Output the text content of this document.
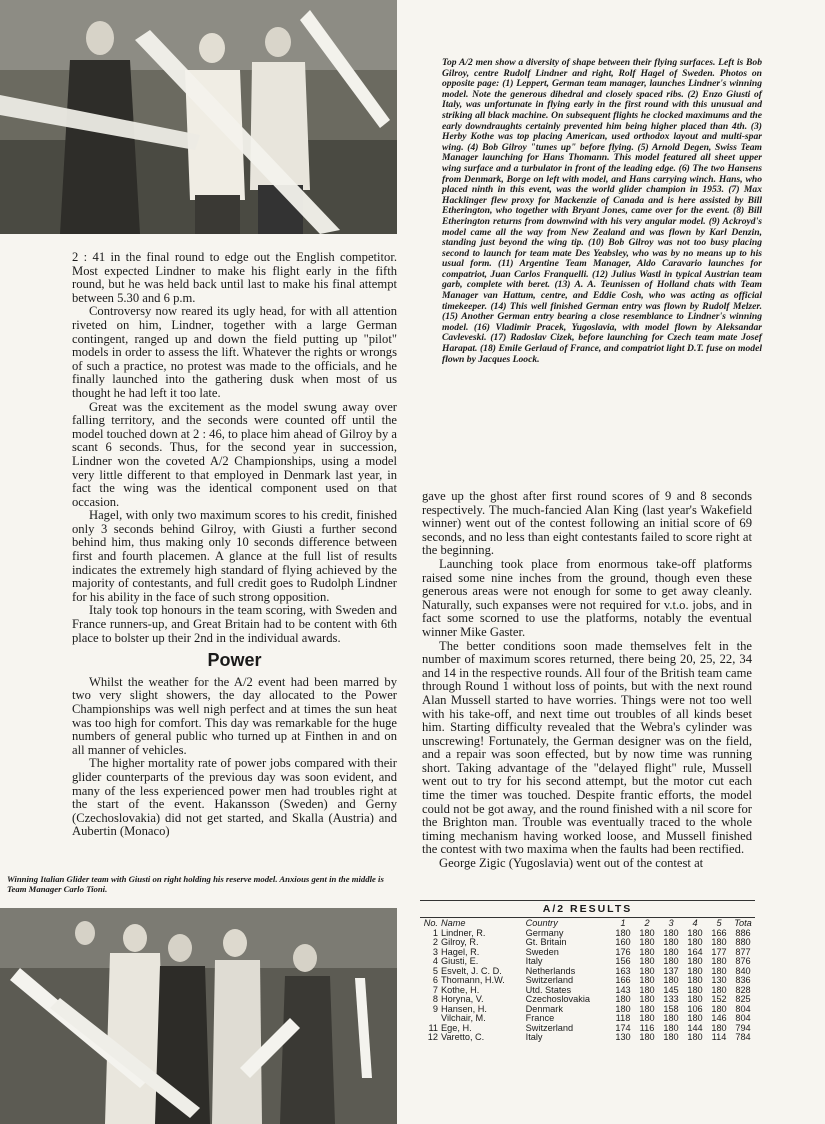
Top A/2 men show a diversity of shape between their flying surfaces. Left is Bob Gilroy, centre Rudolf Lindner and right, Rolf Hagel of Sweden. Photos on opposite page: (1) Leppert, German team manager, launches Lindner's winning model. Note the generous dihedral and closely spaced ribs. (2) Enzo Giusti of Italy, was unfortunate in flying early in the first round with this unusual and striking all black machine. On subsequent flights he clocked maximums and the early downdraughts certainly prevented him being higher placed than 4th. (3) Herby Kothe was top placing American, used orthodox layout and multi-spar wing. (4) Bob Gilroy "tunes up" before flying. (5) Arnold Degen, Swiss Team Manager launching for Hans Thomann. This model featured all sheet upper wing surface and a turbulator in front of the leading edge. (6) The two Hansens from Denmark, Borge on left with model, and Hans carrying winch. Hans, who placed ninth in this event, was the world glider champion in 1953. (7) Max Hacklinger flew proxy for Mackenzie of Canada and is here assisted by Bill Etherington, who together with Bryant Jones, came over for the event. (8) Bill Etherington returns from downwind with his very angular model. (9) Ackroyd's model came all the way from New Zealand and was flown by Karl Denzin, standing just beyond the wing tip. (10) Bob Gilroy was not too busy placing second to launch for team mate Des Yeabsley, who was by no means up to his usual form. (11) Argentine Team Manager, Aldo Caravario launches for compatriot, Juan Carlos Franquelli. (12) Julius Wastl in typical Austrian team garb, complete with beret. (13) A. A. Teunissen of Holland chats with Team Manager van Hattum, centre, and Eddie Cosh, who was acting as official timekeeper. (14) This well finished German entry was flown by Rudolf Melzer. (15) Another German entry bearing a close resemblance to Lindner's winning model. (16) Vladimir Pracek, Yugoslavia, with model flown by Aleksandar Cavleveski. (17) Radoslav Cizek, before launching for Czech team mate Josef Harapat. (18) Emile Gerlaud of France, and compatriot light D.T. fuse on model flown by Jacques Loock.

2 : 41 in the final round to edge out the English competitor. Most expected Lindner to make his flight early in the fifth round, but he was held back until last to make his final attempt between 5.30 and 6 p.m.

Controversy now reared its ugly head, for with all attention riveted on him, Lindner, together with a large German contingent, ranged up and down the field putting up "pilot" models in order to assess the lift. Whatever the rights or wrongs of such a practice, no protest was made to the officials, and he finally launched into the gathering dusk when most of us thought he had left it too late.

Great was the excitement as the model swung away over falling territory, and the seconds were counted off until the model touched down at 2 : 46, to place him ahead of Gilroy by a scant 6 seconds. Thus, for the second year in succession, Lindner won the coveted A/2 Championships, using a model very little different to that employed in Denmark last year, in fact the wing was the identical component used on that occasion.

Hagel, with only two maximum scores to his credit, finished only 3 seconds behind Gilroy, with Giusti a further second behind him, thus making only 10 seconds difference between first and fourth placemen. A glance at the full list of results indicates the extremely high standard of flying achieved by the majority of contestants, and full credit goes to Rudolph Lindner for his ability in the face of such strong opposition.

Italy took top honours in the team scoring, with Sweden and France runners-up, and Great Britain had to be content with 6th place to bolster up their 2nd in the individual awards.

Power

Whilst the weather for the A/2 event had been marred by two very slight showers, the day allocated to the Power Championships was well nigh perfect and at times the sun heat was too high for comfort. This day was remarkable for the huge numbers of general public who turned up at Finthen in and on all manner of vehicles.

The higher mortality rate of power jobs compared with their glider counterparts of the previous day was soon evident, and many of the less experienced power men had troubles right at the start of the event. Hakansson (Sweden) and Gerny (Czechoslovakia) did not get started, and Skalla (Austria) and Aubertin (Monaco)

Winning Italian Glider team with Giusti on right holding his reserve model. Anxious gent in the middle is Team Manager Carlo Tioni.

gave up the ghost after first round scores of 9 and 8 seconds respectively. The much-fancied Alan King (last year's Wakefield winner) went out of the contest following an initial score of 69 seconds, and no less than eight contestants failed to score right at the beginning.

Launching took place from enormous take-off platforms raised some nine inches from the ground, though even these generous areas were not enough for some to get away cleanly. Naturally, such expanses were not required for v.t.o. jobs, and in fact some scorned to use the platforms, notably the eventual winner Mike Gaster.

The better conditions soon made themselves felt in the number of maximum scores returned, there being 20, 25, 22, 34 and 14 in the respective rounds. All four of the British team came through Round 1 without loss of points, but with the next round Alan Mussell started to have worries. Things were not too well with his take-off, and next time out troubles of all kinds beset him. Starting difficulty revealed that the Webra's cylinder was unscrewing! Fortunately, the German designer was on the field, and a repair was soon effected, but by now time was running short. Taking advantage of the "delayed flight" rule, Mussell went out to try for his second attempt, but the motor cut each time the timer was touched. Despite frantic efforts, the model could not be got away, and the round finished with a nil score for the Brighton man. Trouble was eventually traced to the whole timing mechanism having worked loose, and Mussell finished the contest with two maxima when the faults had been rectified.

George Zigic (Yugoslavia) went out of the contest at

A/2 RESULTS
No.	Name	Country	1	2	3	4	5	Tota
1	Lindner, R.	Germany	180	180	180	180	166	886
2	Gilroy, R.	Gt. Britain	160	180	180	180	180	880
3	Hagel, R.	Sweden	176	180	180	164	177	877
4	Giusti, E.	Italy	156	180	180	180	180	876
5	Esvelt, J. C. D.	Netherlands	163	180	137	180	180	840
6	Thomann, H.W.	Switzerland	166	180	180	180	130	836
7	Kothe, H.	Utd. States	143	180	145	180	180	828
8	Horyna, V.	Czechoslovakia	180	180	133	180	152	825
9	Hansen, H.	Denmark	180	180	158	106	180	804
	Vilchair, M.	France	118	180	180	180	146	804
11	Ege, H.	Switzerland	174	116	180	144	180	794
12	Varetto, C.	Italy	130	180	180	180	114	784
